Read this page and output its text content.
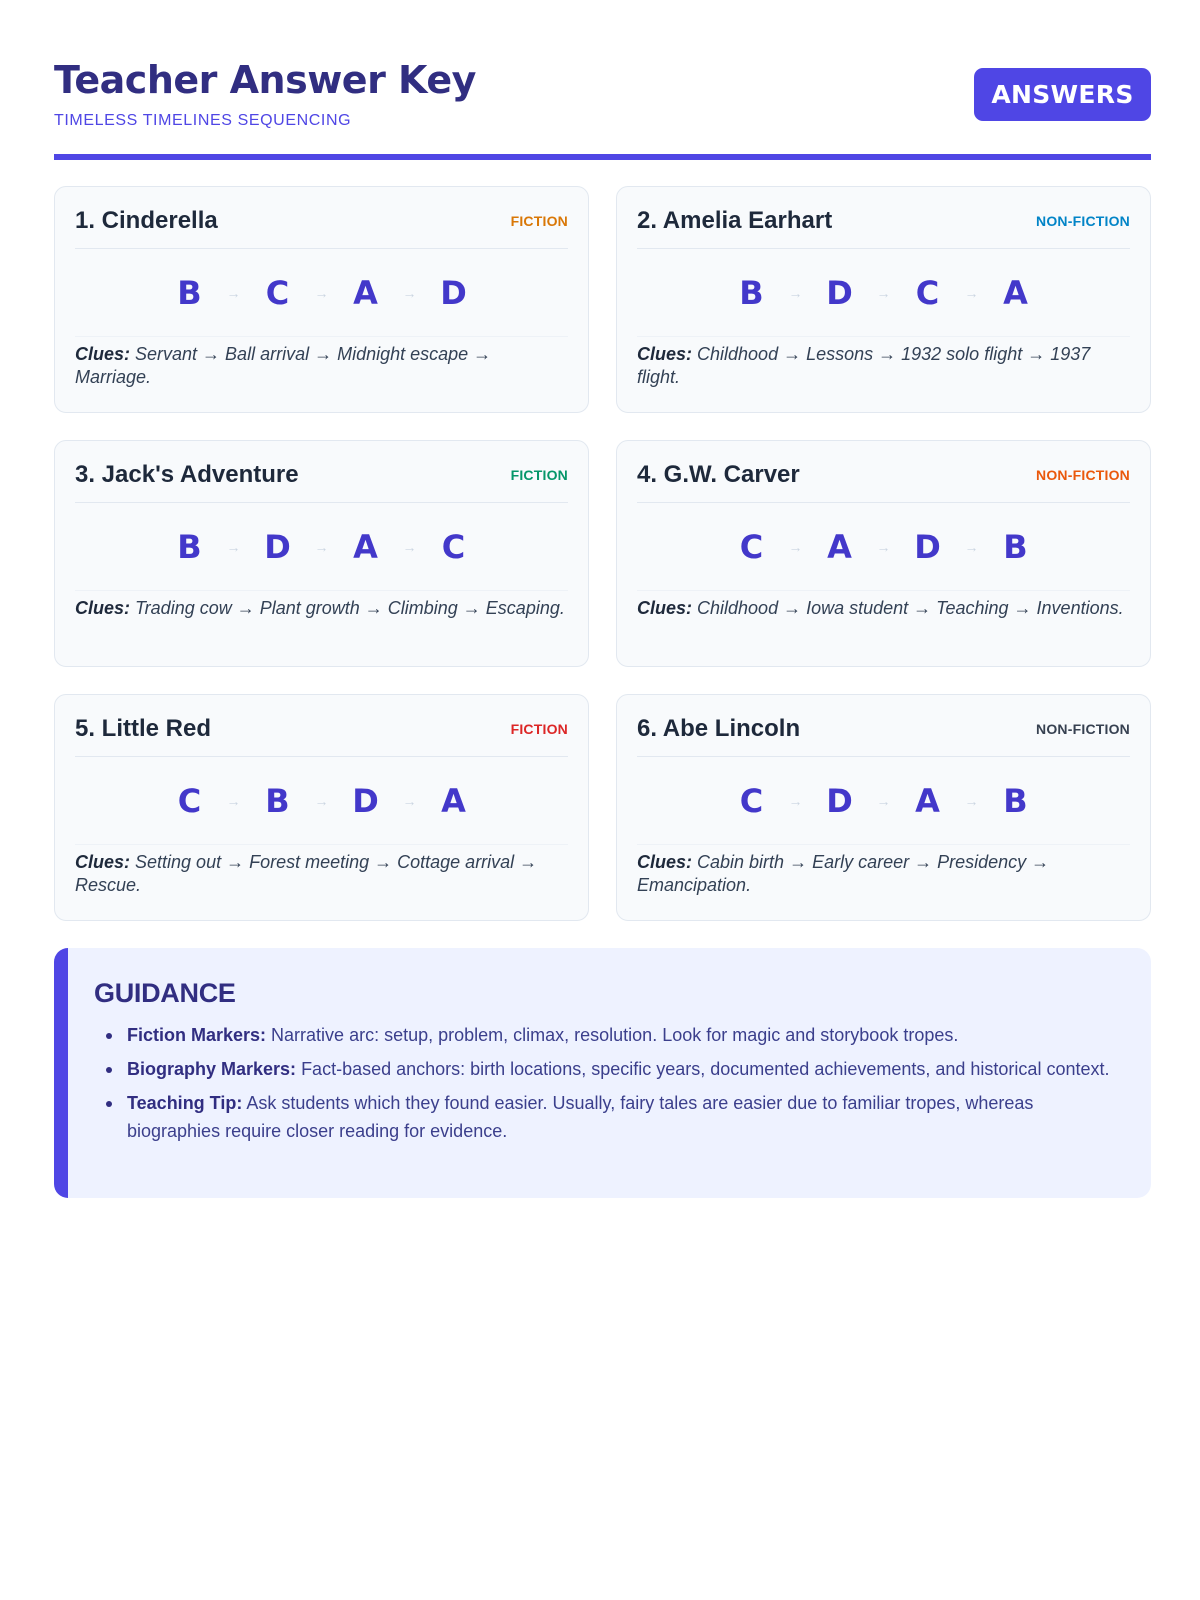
Teacher Answer Key
TIMELESS TIMELINES SEQUENCING
ANSWERS
1. Cinderella	FICTION
B	→ C	→ A	→ D
Clues: Servant → Ball arrival → Midnight escape → Marriage.
2. Amelia Earhart	NON-FICTION
B	→ D	→ C	→ A
Clues: Childhood → Lessons → 1932 solo flight → 1937 flight.
3. Jack's Adventure	FICTION
B	→ D	→ A	→ C
Clues: Trading cow → Plant growth → Climbing → Escaping.
4. G.W. Carver	NON-FICTION
C	→ A	→ D	→ B
Clues: Childhood → Iowa student → Teaching → Inventions.
5. Little Red	FICTION
C	→ B	→ D	→ A
Clues: Setting out → Forest meeting → Cottage arrival → Rescue.
6. Abe Lincoln	NON-FICTION
C	→ D	→ A	→ B
Clues: Cabin birth → Early career → Presidency → Emancipation.
GUIDANCE
Fiction Markers: Narrative arc: setup, problem, climax, resolution. Look for magic and storybook tropes.
Biography Markers: Fact-based anchors: birth locations, specific years, documented achievements, and historical context.
Teaching Tip: Ask students which they found easier. Usually, fairy tales are easier due to familiar tropes, whereas biographies require closer reading for evidence.
